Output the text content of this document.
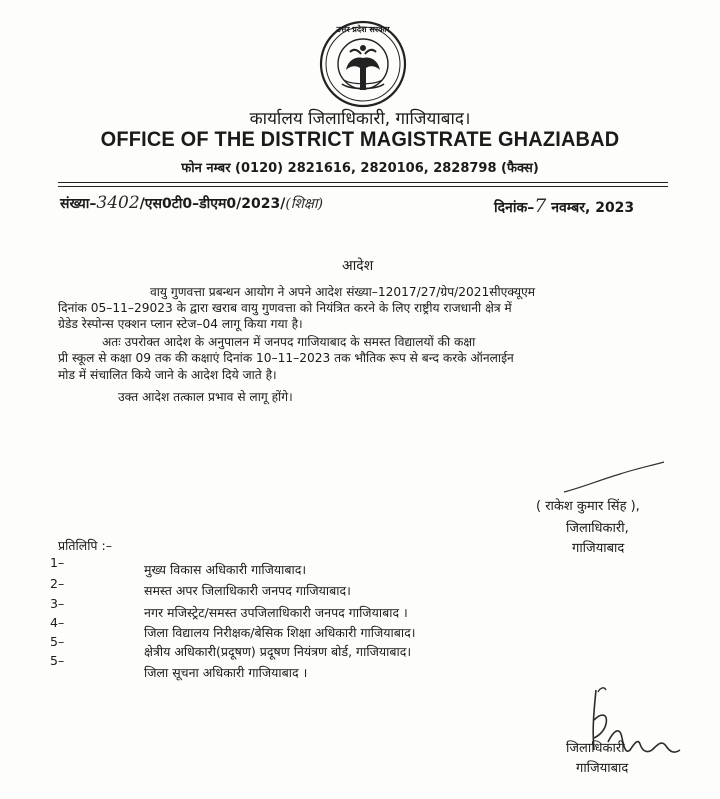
उत्तर प्रदेश सरकार
कार्यालय जिलाधिकारी, गाजियाबाद।
OFFICE OF THE DISTRICT MAGISTRATE GHAZIABAD
फोन नम्बर (0120) 2821616, 2820106, 2828798 (फैक्स)
संख्या–3402/एस0टी0–डीएम0/2023/(शिक्षा)	दिनांक–7 नवम्बर, 2023
आदेश
वायु गुणवत्ता प्रबन्धन आयोग ने अपने आदेश संख्या–12017/27/ग्रेप/2021सीएक्यूएम
दिनांक 05–11–29023 के द्वारा खराब वायु गुणवत्ता को नियंत्रित करने के लिए राष्ट्रीय राजधानी क्षेत्र में
ग्रेडेड रेस्पोन्स एक्शन प्लान स्टेज–04 लागू किया गया है।
अतः उपरोक्त आदेश के अनुपालन में जनपद गाजियाबाद के समस्त विद्यालयों की कक्षा
प्री स्कूल से कक्षा 09 तक की कक्षाएं दिनांक 10–11–2023 तक भौतिक रूप से बन्द करके ऑनलाईन
मोड में संचालित किये जाने के आदेश दिये जाते है।
उक्त आदेश तत्काल प्रभाव से लागू होंगे।
( राकेश कुमार सिंह ),
जिलाधिकारी,
गाजियाबाद
प्रतिलिपि :–
1–	मुख्य विकास अधिकारी गाजियाबाद।
2–	समस्त अपर जिलाधिकारी जनपद गाजियाबाद।
3–
नगर मजिस्ट्रेट/समस्त उपजिलाधिकारी जनपद गाजियाबाद ।
4–
जिला विद्यालय निरीक्षक/बेसिक शिक्षा अधिकारी गाजियाबाद।
5–
क्षेत्रीय अधिकारी(प्रदूषण) प्रदूषण नियंत्रण बोर्ड, गाजियाबाद।
5–
जिला सूचना अधिकारी गाजियाबाद ।
जिलाधिकारी
गाजियाबाद
